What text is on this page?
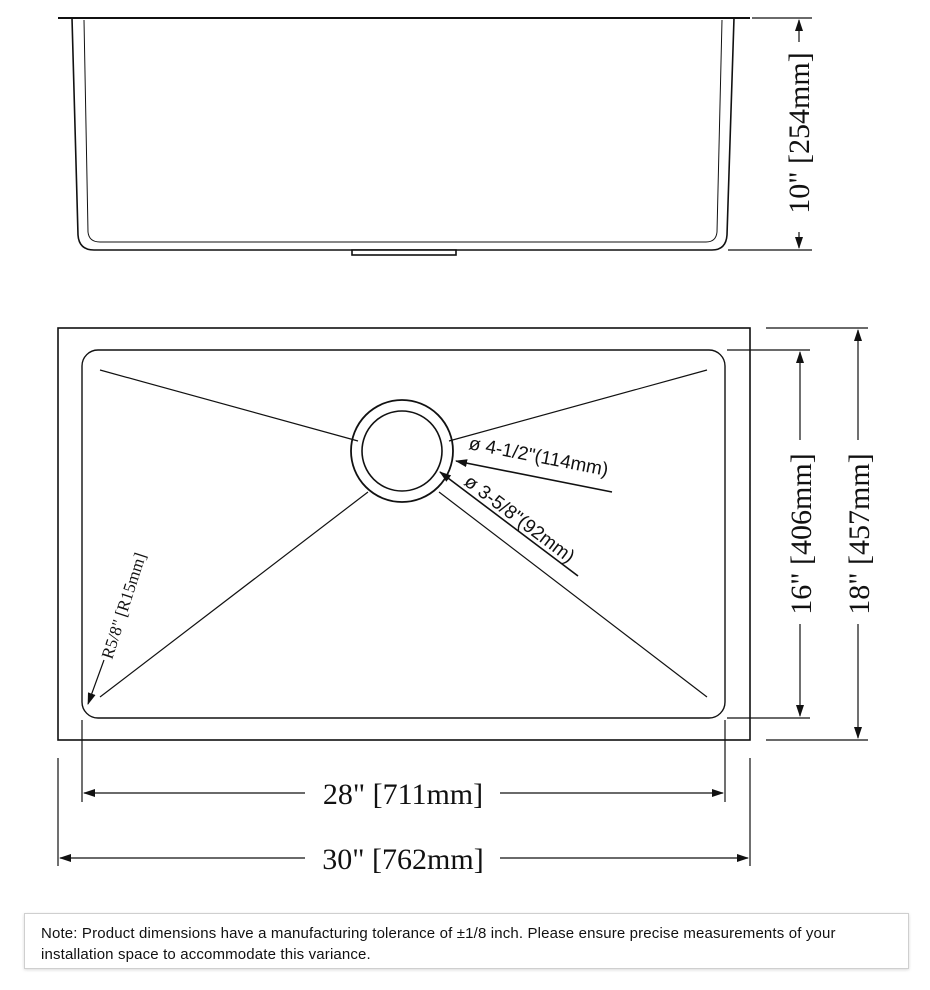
10" [254mm]
ø 4-1/2"(114mm)
ø 3-5/8"(92mm)
R5/8" [R15mm]	16" [406mm] 18" [457mm]
28" [711mm]
30" [762mm]
Note: Product dimensions have a manufacturing tolerance of ±1/8 inch. Please ensure precise measurements of your installation space to accommodate this variance.
